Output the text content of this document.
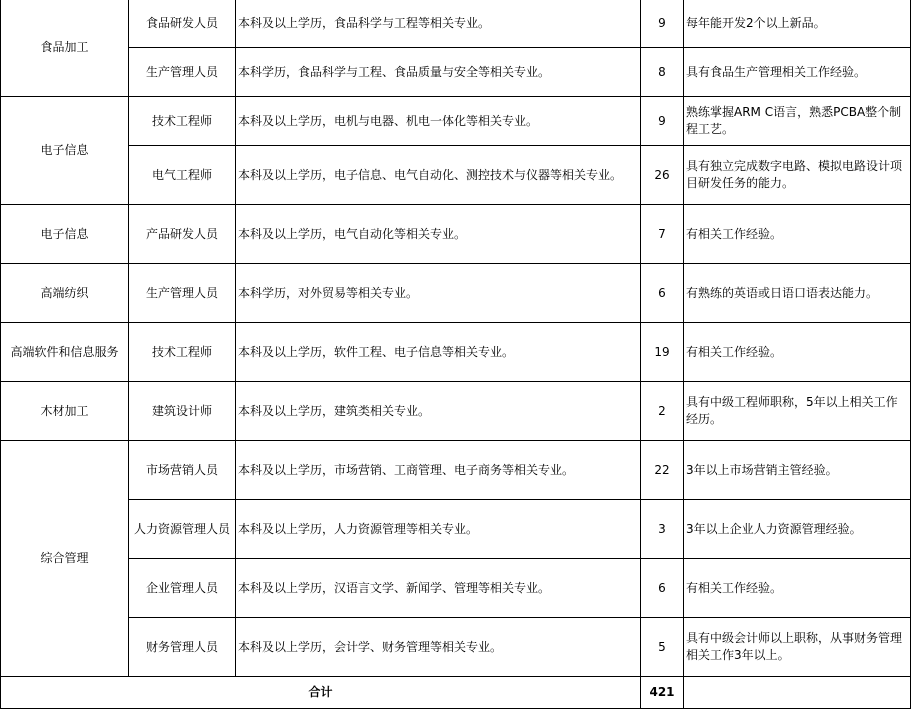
食品加工	食品研发人员	本科及以上学历，食品科学与工程等相关专业。	9	每年能开发2个以上新品。
	生产管理人员	本科学历，食品科学与工程、食品质量与安全等相关专业。	8	具有食品生产管理相关工作经验。
电子信息	技术工程师	本科及以上学历，电机与电器、机电一体化等相关专业。	9	熟练掌握ARM C语言，熟悉PCBA整个制程工艺。
	电气工程师	本科及以上学历，电子信息、电气自动化、测控技术与仪器等相关专业。	26	具有独立完成数字电路、模拟电路设计项目研发任务的能力。
电子信息	产品研发人员	本科及以上学历，电气自动化等相关专业。	7	有相关工作经验。
高端纺织	生产管理人员	本科学历，对外贸易等相关专业。	6	有熟练的英语或日语口语表达能力。
高端软件和信息服务	技术工程师	本科及以上学历，软件工程、电子信息等相关专业。	19	有相关工作经验。
木材加工	建筑设计师	本科及以上学历，建筑类相关专业。	2	具有中级工程师职称，5年以上相关工作经历。
综合管理	市场营销人员	本科及以上学历，市场营销、工商管理、电子商务等相关专业。	22	3年以上市场营销主管经验。
	人力资源管理人员	本科及以上学历，人力资源管理等相关专业。	3	3年以上企业人力资源管理经验。
	企业管理人员	本科及以上学历，汉语言文学、新闻学、管理等相关专业。	6	有相关工作经验。
	财务管理人员	本科及以上学历，会计学、财务管理等相关专业。	5	具有中级会计师以上职称，从事财务管理相关工作3年以上。
合计			421	
